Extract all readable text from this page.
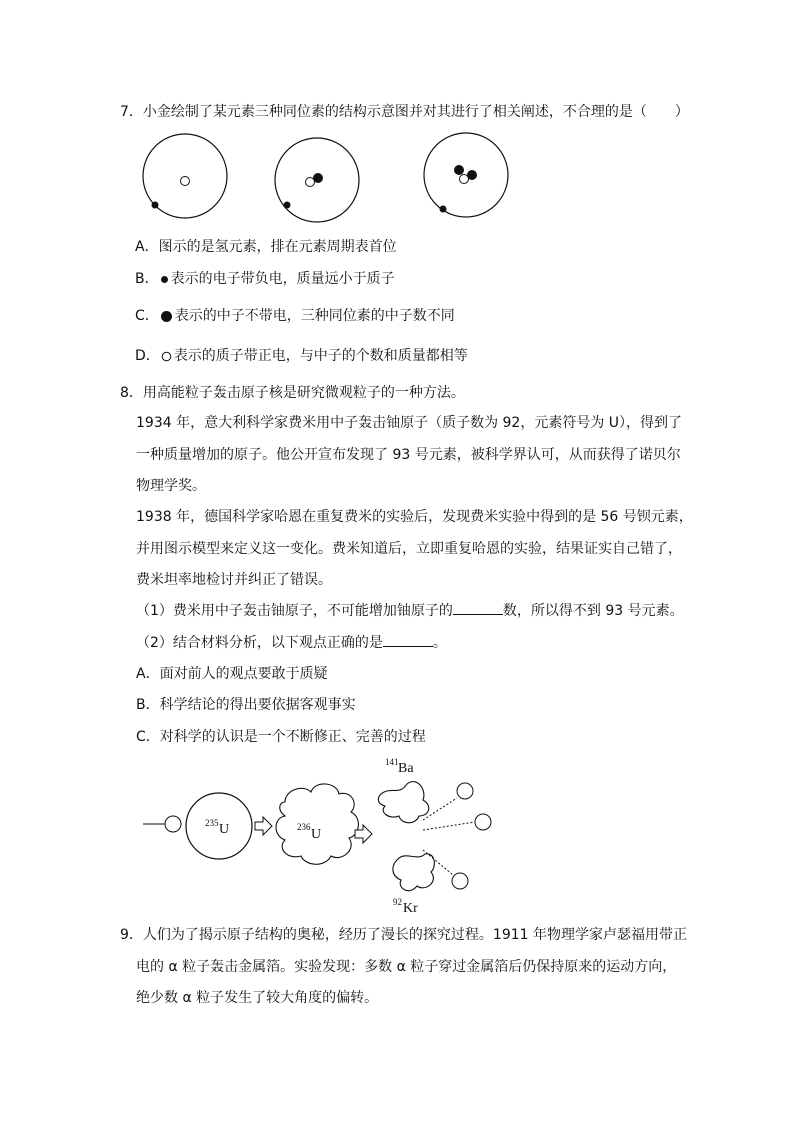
7．小金绘制了某元素三种同位素的结构示意图并对其进行了相关阐述，不合理的是（　　）
A．图示的是氢元素，排在元素周期表首位
B． 表示的电子带负电，质量远小于质子
C． 表示的中子不带电，三种同位素的中子数不同
D． 表示的质子带正电，与中子的个数和质量都相等
8．用高能粒子轰击原子核是研究微观粒子的一种方法。
1934 年，意大利科学家费米用中子轰击铀原子（质子数为 92，元素符号为 U），得到了
一种质量增加的原子。他公开宣布发现了 93 号元素，被科学界认可，从而获得了诺贝尔
物理学奖。
1938 年，德国科学家哈恩在重复费米的实验后，发现费米实验中得到的是 56 号钡元素，
并用图示模型来定义这一变化。费米知道后，立即重复哈恩的实验，结果证实自己错了，
费米坦率地检讨并纠正了错误。
（1）费米用中子轰击铀原子，不可能增加铀原子的	数，所以得不到 93 号元素。
（2）结合材料分析，以下观点正确的是	。
A．面对前人的观点要敢于质疑
B．科学结论的得出要依据客观事实
C．对科学的认识是一个不断修正、完善的过程
235 U	236 U
141 Ba
92 Kr
9．人们为了揭示原子结构的奥秘，经历了漫长的探究过程。1911 年物理学家卢瑟福用带正
电的 α 粒子轰击金属箔。实验发现：多数 α 粒子穿过金属箔后仍保持原来的运动方向，
绝少数 α 粒子发生了较大角度的偏转。
